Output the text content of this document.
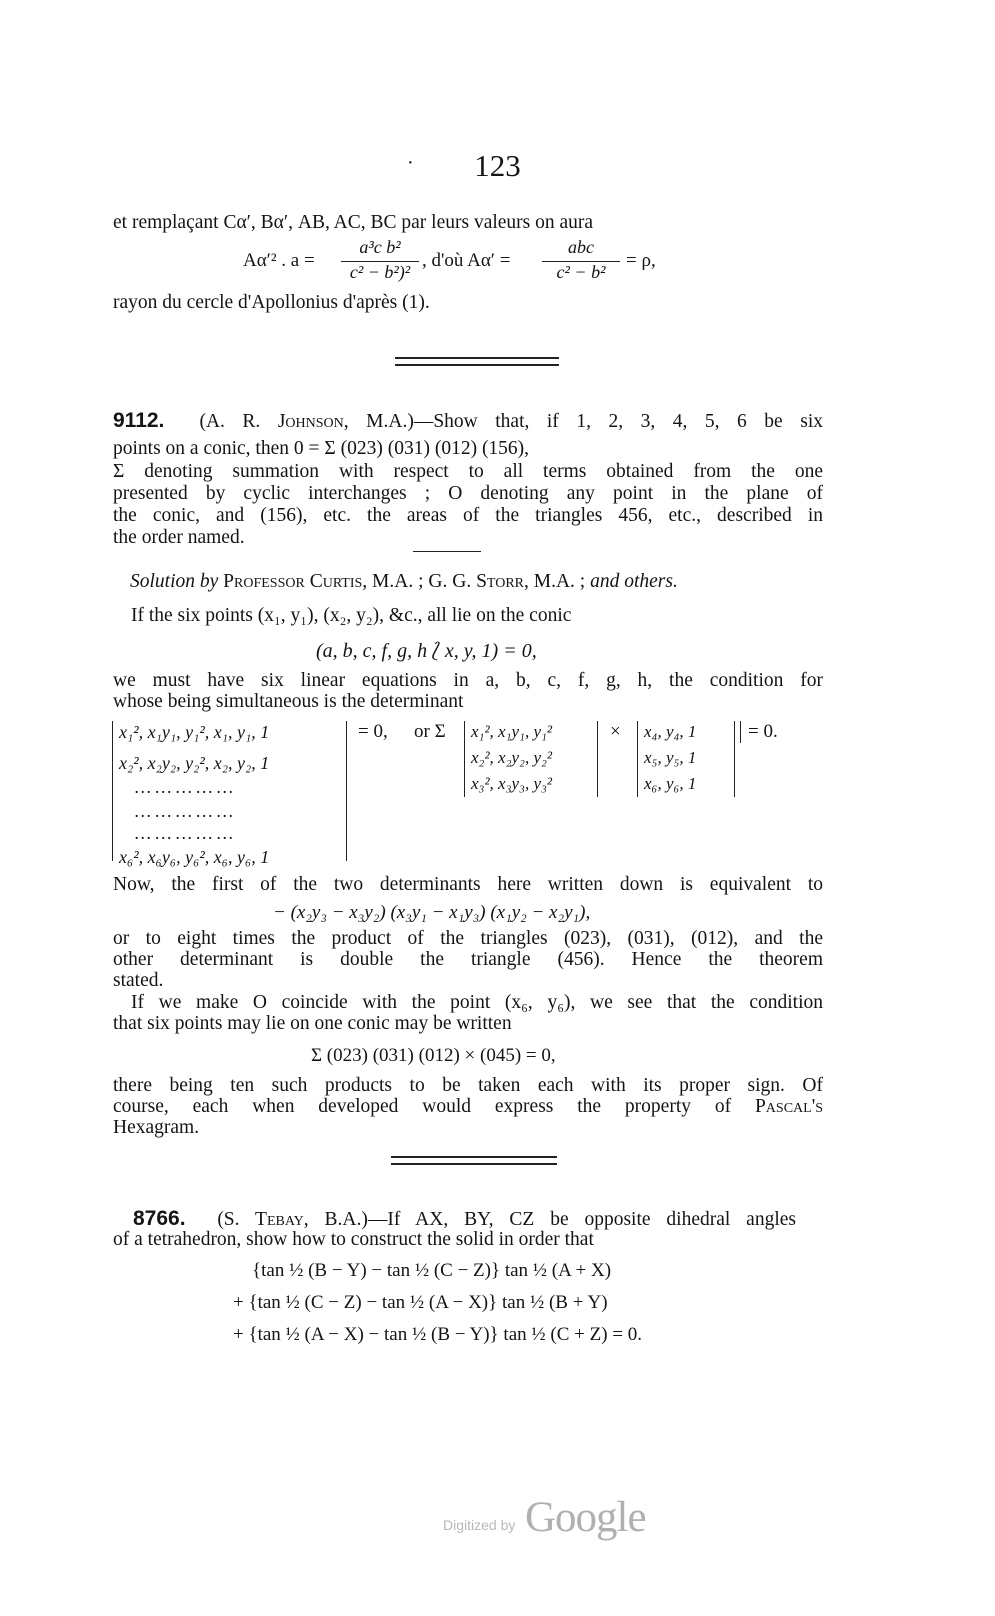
· 123
et remplaçant Cα′, Bα′, AB, AC, BC par leurs valeurs on aura
Aα′² . a =
a³c b²
c² − b²)²
, d'où Aα′ =
abc
c² − b²
= ρ,
rayon du cercle d'Apollonius d'après (1).
9112. (A. R. Johnson, M.A.)—Show that, if 1, 2, 3, 4, 5, 6 be six
points on a conic, then 0 = Σ (023) (031) (012) (156),
Σ denoting summation with respect to all terms obtained from the one
presented by cyclic interchanges ; O denoting any point in the plane of
the conic, and (156), etc. the areas of the triangles 456, etc., described in
the order named.
Solution by Professor Curtis, M.A. ; G. G. Storr, M.A. ; and others.
If the six points (x₁, y₁), (x₂, y₂), &c., all lie on the conic
(a, b, c, f, g, h ⟅ x, y, 1) = 0,
we must have six linear equations in a, b, c, f, g, h, the condition for
whose being simultaneous is the determinant
x₁², x₁y₁, y₁², x₁, y₁, 1
x₂², x₂y₂, y₂², x₂, y₂, 1
… … … … …
… … … … …
… … … … …
x₆², x₆y₆, y₆², x₆, y₆, 1
= 0, or Σ x₁², x₁y₁, y₁²
x₂², x₂y₂, y₂²
x₃², x₃y₃, y₃²
× x₄, y₄, 1
x₅, y₅, 1
x₆, y₆, 1
= 0.
Now, the first of the two determinants here written down is equivalent to
− (x₂y₃ − x₃y₂) (x₃y₁ − x₁y₃) (x₁y₂ − x₂y₁),
or to eight times the product of the triangles (023), (031), (012), and the
other determinant is double the triangle (456). Hence the theorem
stated.
If we make O coincide with the point (x₆, y₆), we see that the condition
that six points may lie on one conic may be written
Σ (023) (031) (012) × (045) = 0,
there being ten such products to be taken each with its proper sign. Of
course, each when developed would express the property of Pascal's
Hexagram.
8766. (S. Tebay, B.A.)—If AX, BY, CZ be opposite dihedral angles
of a tetrahedron, show how to construct the solid in order that
{tan ½ (B − Y) − tan ½ (C − Z)} tan ½ (A + X)
+ {tan ½ (C − Z) − tan ½ (A − X)} tan ½ (B + Y)
+ {tan ½ (A − X) − tan ½ (B − Y)} tan ½ (C + Z) = 0.
Digitized by Google
